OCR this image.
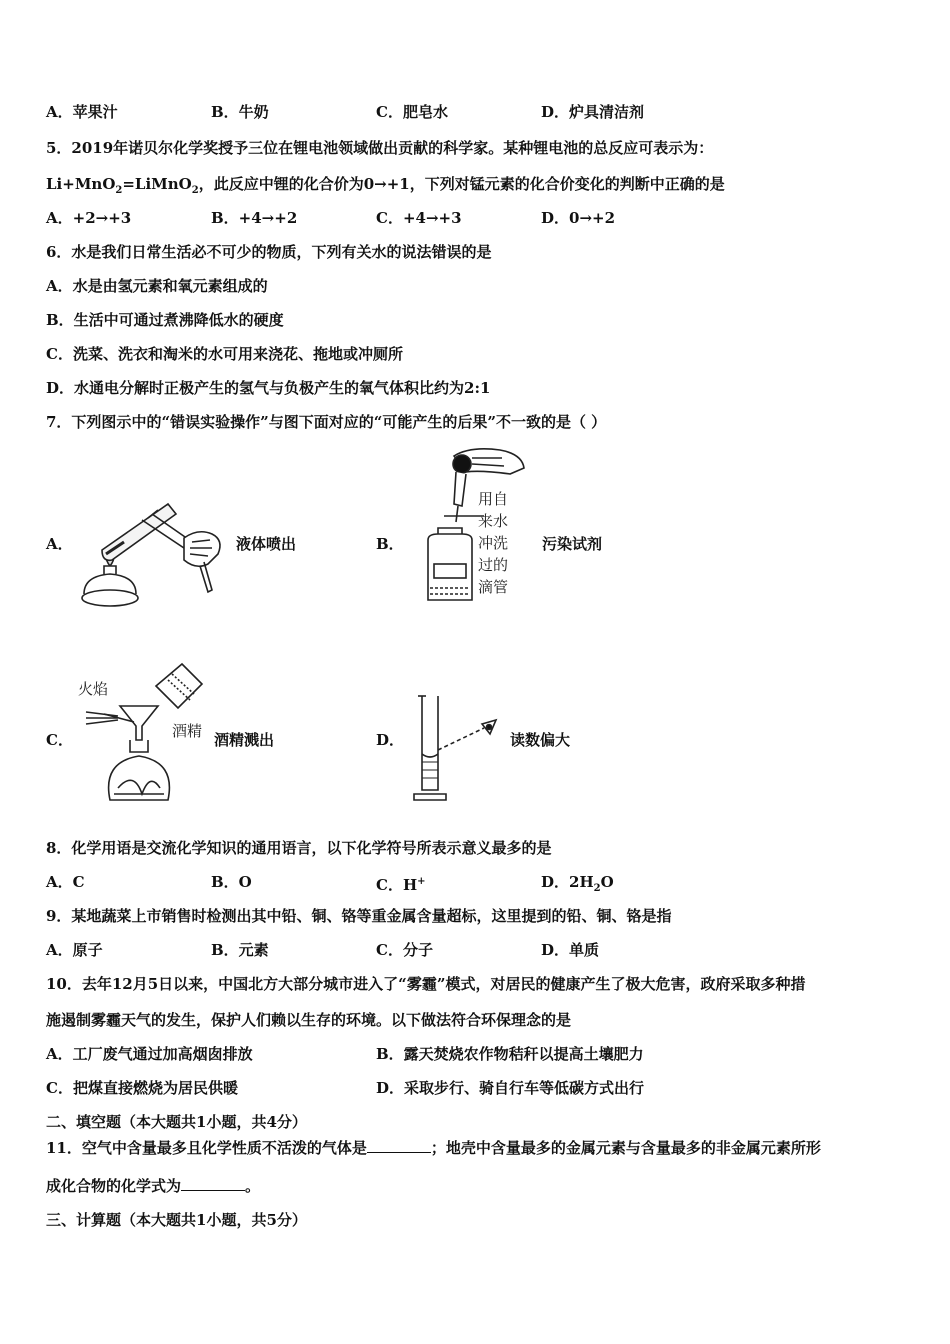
A．苹果汁	B．牛奶	C．肥皂水	D．炉具清洁剂
5．2019年诺贝尔化学奖授予三位在锂电池领域做出贡献的科学家。某种锂电池的总反应可表示为：
Li+MnO$_2$=LiMnO$_2$，此反应中锂的化合价为0→+1，下列对锰元素的化合价变化的判断中正确的是
A．+2→+3	B．+4→+2	C．+4→+3	D．0→+2
6．水是我们日常生活必不可少的物质，下列有关水的说法错误的是
A．水是由氢元素和氧元素组成的
B．生活中可通过煮沸降低水的硬度
C．洗菜、洗衣和淘米的水可用来浇花、拖地或冲厕所
D．水通电分解时正极产生的氢气与负极产生的氧气体积比约为2:1
7．下列图示中的“错误实验操作”与图下面对应的“可能产生的后果”不一致的是（ ）
A．	液体喷出	B．
用自
来水
冲洗
过的
滴管
污染试剂
C．
火焰
酒精 酒精溅出	D．	读数偏大
8．化学用语是交流化学知识的通用语言，以下化学符号所表示意义最多的是
A．C	B．O	C．H+	D．$2H_2O$
9．某地蔬菜上市销售时检测出其中铅、铜、铬等重金属含量超标，这里提到的铅、铜、铬是指
A．原子	B．元素	C．分子	D．单质
10．去年12月5日以来，中国北方大部分城市进入了“雾霾”模式，对居民的健康产生了极大危害，政府采取多种措
施遏制雾霾天气的发生，保护人们赖以生存的环境。以下做法符合环保理念的是
A．工厂废气通过加高烟囱排放	B．露天焚烧农作物秸秆以提高土壤肥力
C．把煤直接燃烧为居民供暖	D．采取步行、骑自行车等低碳方式出行
二、填空题（本大题共1小题，共4分）
11．空气中含量最多且化学性质不活泼的气体是	；地壳中含量最多的金属元素与含量最多的非金属元素所形
成化合物的化学式为	。
三、计算题（本大题共1小题，共5分）
